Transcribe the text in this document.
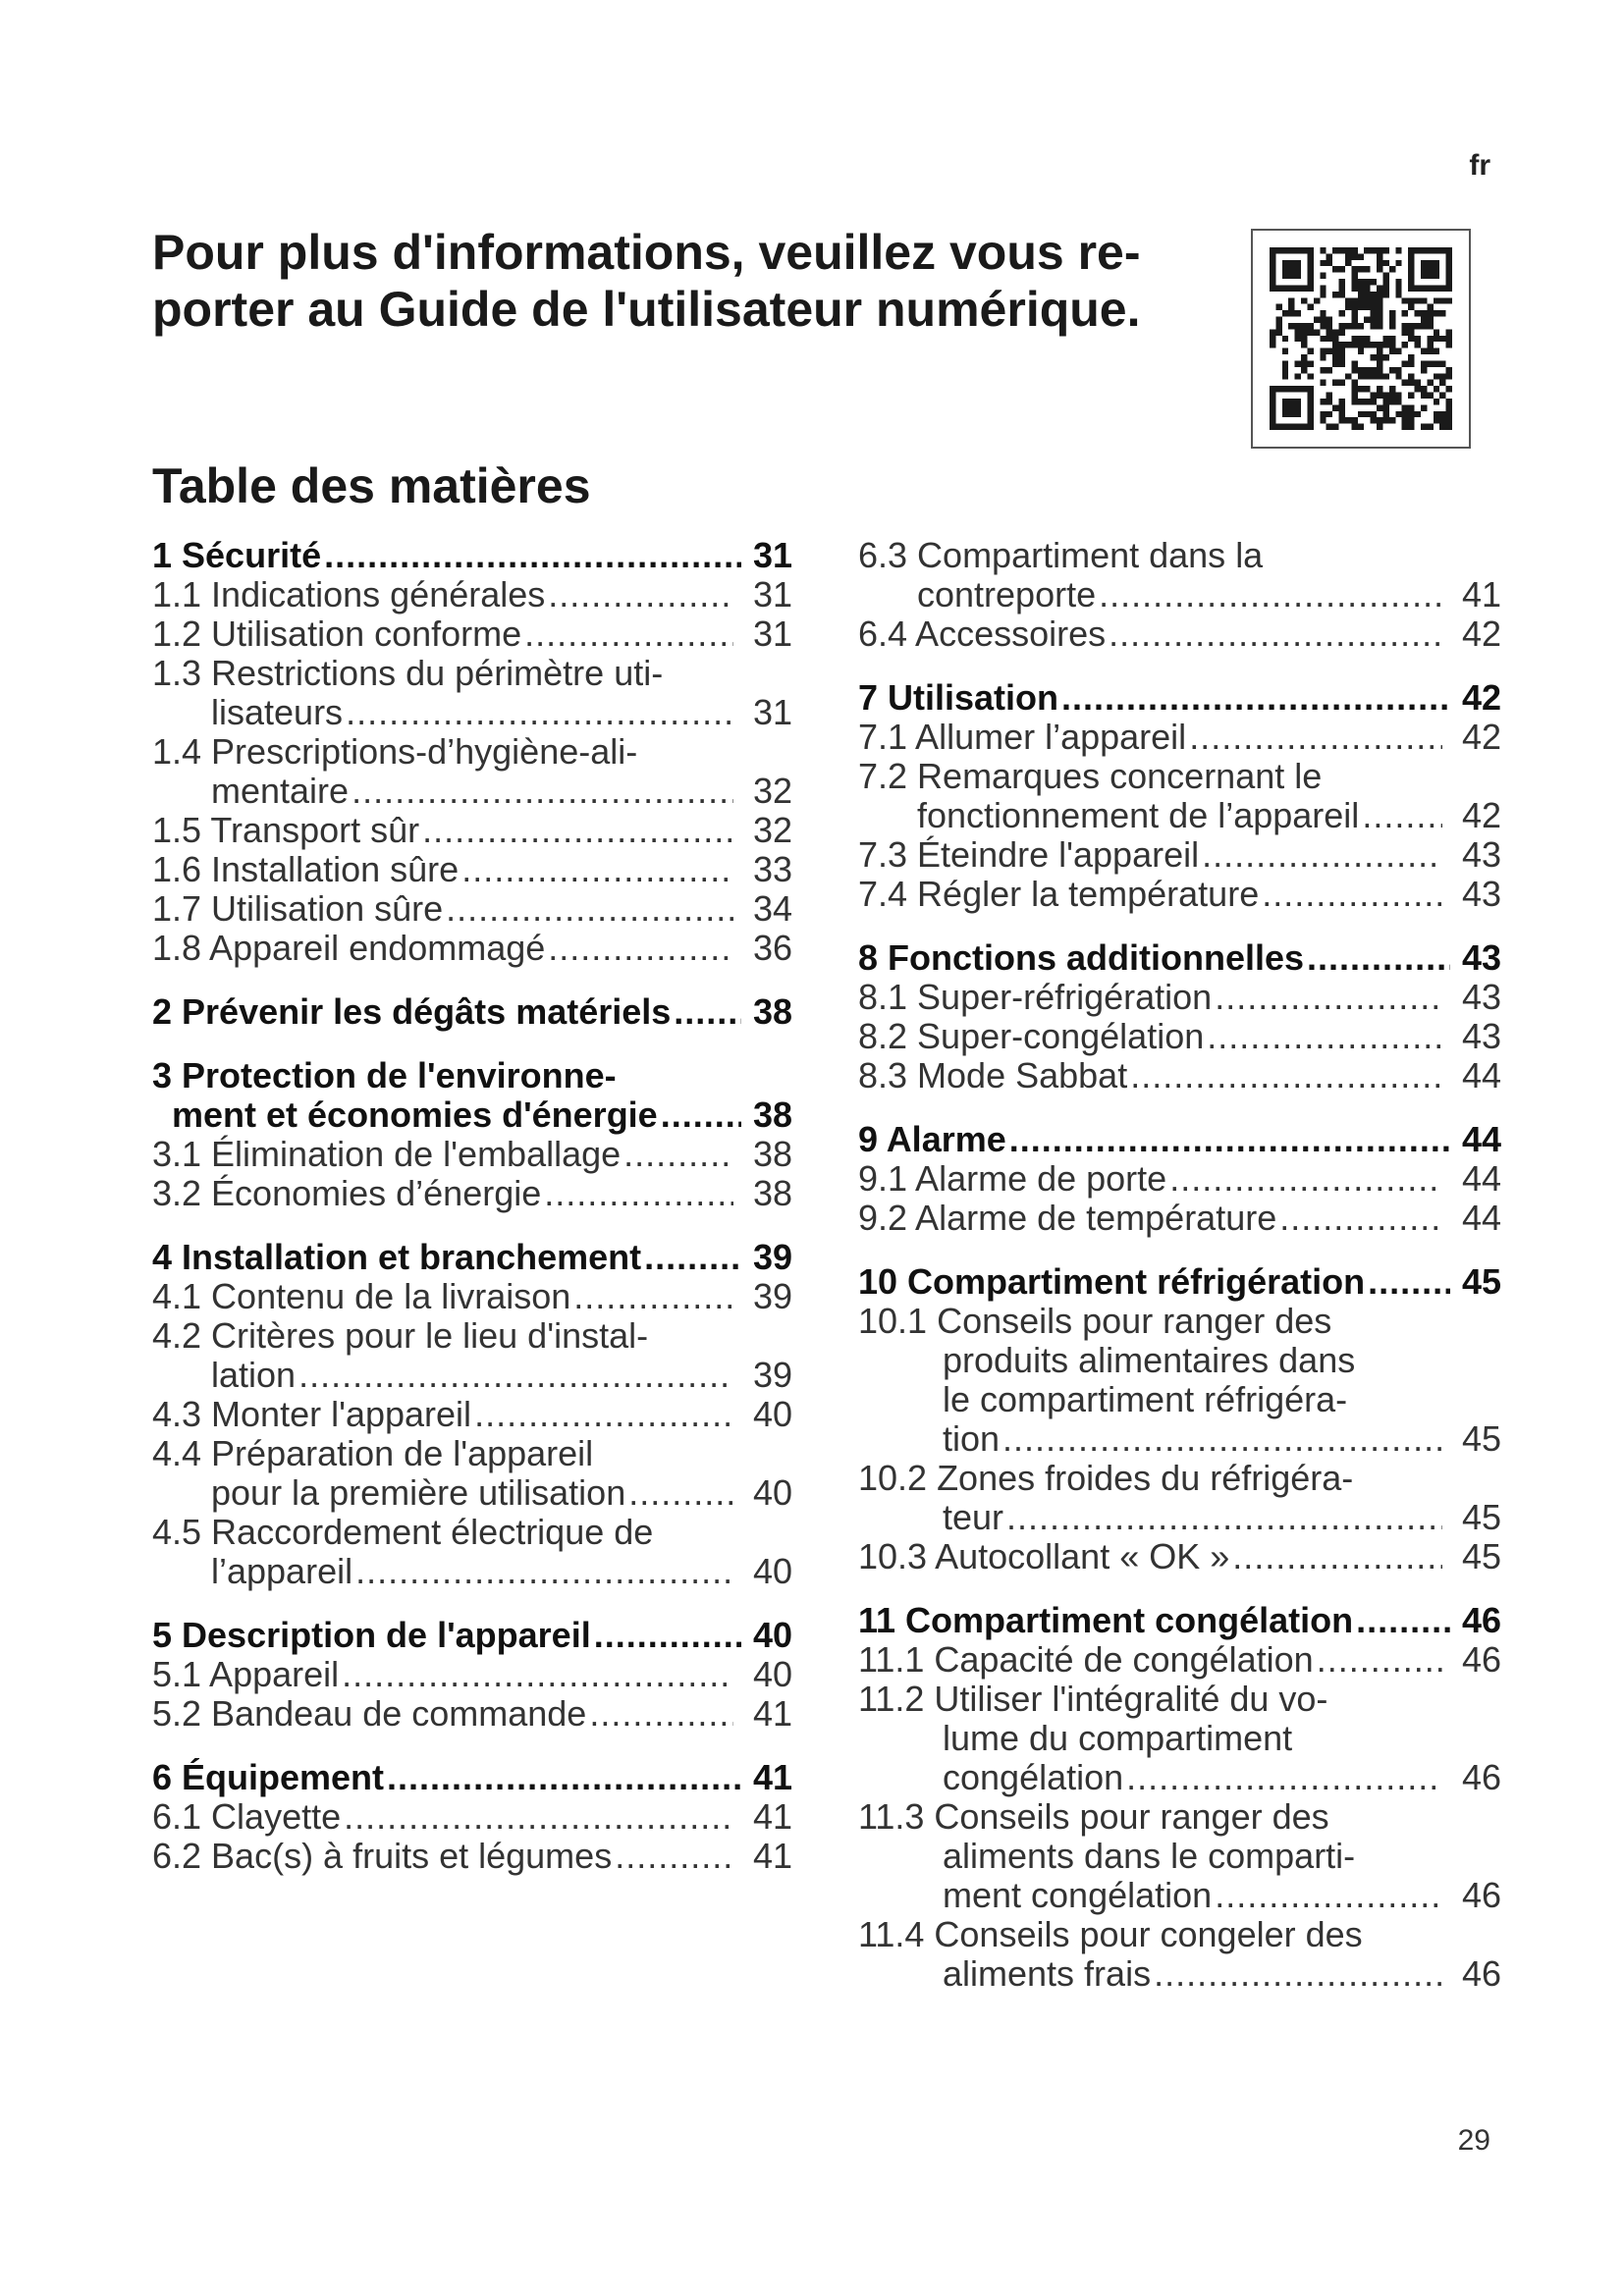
fr
Pour plus d'informations, veuillez vous re-
porter au Guide de l'utilisateur numérique.
Table des matières
1 Sécurité .....	31
1.1 Indications générales .....	31
1.2 Utilisation conforme .....	31
1.3 Restrictions du périmètre uti-
lisateurs .....	31
1.4 Prescriptions-d’hygiène-ali-
mentaire .....	32
1.5 Transport sûr .....	32
1.6 Installation sûre .....	33
1.7 Utilisation sûre .....	34
1.8 Appareil endommagé .....	36
2 Prévenir les dégâts matériels ..... 38
3 Protection de l'environne-
ment et économies d'énergie .....	38
3.1 Élimination de l'emballage .....	38
3.2 Économies d’énergie .....	38
4 Installation et branchement .....	39
4.1 Contenu de la livraison .....	39
4.2 Critères pour le lieu d'instal-
lation .....	39
4.3 Monter l'appareil .....	40
4.4 Préparation de l'appareil
pour la première utilisation .....	40
4.5 Raccordement électrique de
l’appareil .....	40
5 Description de l'appareil .....	40
5.1 Appareil .....	40
5.2 Bandeau de commande .....	41
6 Équipement .....	41
6.1 Clayette .....	41
6.2 Bac(s) à fruits et légumes .....	41
6.3 Compartiment dans la
contreporte .....	41
6.4 Accessoires .....	42
7 Utilisation .....	42
7.1 Allumer l’appareil .....	42
7.2 Remarques concernant le
fonctionnement de l’appareil .....	42
7.3 Éteindre l'appareil .....	43
7.4 Régler la température .....	43
8 Fonctions additionnelles .....	43
8.1 Super-réfrigération .....	43
8.2 Super-congélation .....	43
8.3 Mode Sabbat .....	44
9 Alarme .....	44
9.1 Alarme de porte .....	44
9.2 Alarme de température .....	44
10 Compartiment réfrigération .....	45
10.1 Conseils pour ranger des
produits alimentaires dans
le compartiment réfrigéra-
tion .....	45
10.2 Zones froides du réfrigéra-
teur .....	45
10.3 Autocollant « OK » .....	45
11 Compartiment congélation .....	46
11.1 Capacité de congélation .....	46
11.2 Utiliser l'intégralité du vo-
lume du compartiment
congélation .....	46
11.3 Conseils pour ranger des
aliments dans le comparti-
ment congélation .....	46
11.4 Conseils pour congeler des
aliments frais .....	46
29
